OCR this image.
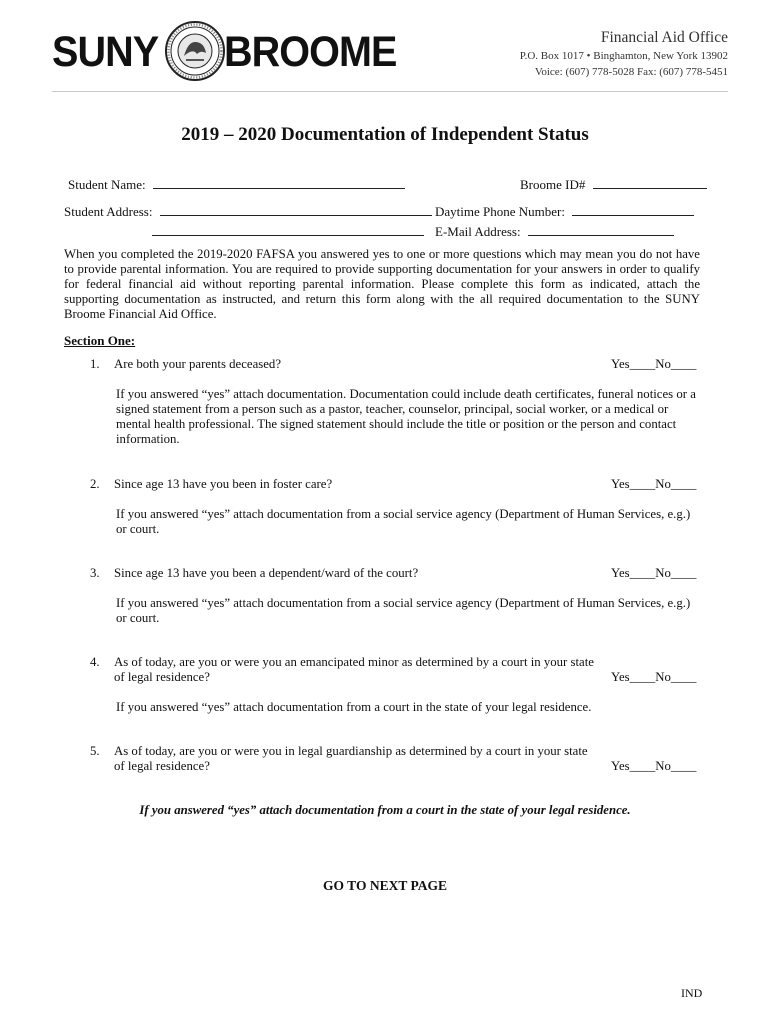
SUNY BROOME	Financial Aid Office
P.O. Box 1017 • Binghamton, New York 13902
Voice: (607) 778-5028 Fax: (607) 778-5451
2019 – 2020 Documentation of Independent Status
Student Name:	Broome ID#
Student Address:	Daytime Phone Number:
E-Mail Address:
When you completed the 2019-2020 FAFSA you answered yes to one or more questions which may mean you do not have to provide parental information. You are required to provide supporting documentation for your answers in order to qualify for federal financial aid without reporting parental information. Please complete this form as indicated, attach the supporting documentation as instructed, and return this form along with the all required documentation to the SUNY Broome Financial Aid Office.
Section One:
1. Are both your parents deceased?	Yes____No____
If you answered “yes” attach documentation. Documentation could include death certificates, funeral notices or a signed statement from a person such as a pastor, teacher, counselor, principal, social worker, or a medical or mental health professional. The signed statement should include the title or position or the person and contact information.
2. Since age 13 have you been in foster care?	Yes____No____
If you answered “yes” attach documentation from a social service agency (Department of Human Services, e.g.) or court.
3. Since age 13 have you been a dependent/ward of the court?	Yes____No____
If you answered “yes” attach documentation from a social service agency (Department of Human Services, e.g.) or court.
4. As of today, are you or were you an emancipated minor as determined by a court in your state
of legal residence?	Yes____No____
If you answered “yes” attach documentation from a court in the state of your legal residence.
5. As of today, are you or were you in legal guardianship as determined by a court in your state
of legal residence?	Yes____No____
If you answered “yes” attach documentation from a court in the state of your legal residence.
GO TO NEXT PAGE
IND
